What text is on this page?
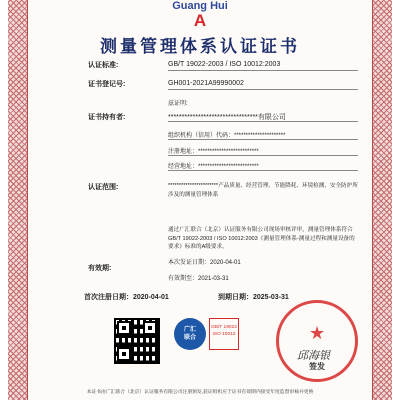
Guang Hui
A
测量管理体系认证证书
认证标准:	GB/T 19022-2003 / ISO 10012:2003
证书登记号:	GH001-2021A99990002
兹证明:
证书持有者:	*********************************有限公司
组织机构（信用）代码：**********************
注册地址：**************************
经营地址：**************************
认证范围:	***********************产品质量、经营管理、节能降耗、环境检测、安全防护所涉及的测量管理体系
通过广汇联合（北京）认证服务有限公司现场审核评审，测量管理体系符合GB/T 19022-2003 / ISO 10012:2003《测量管理体系-测量过程和测量设备的要求》标准的A级要求。
有效期:
本次发证日期：2020-04-01
有效期至：2021-03-31
首次注册日期：2020-04-01	到期日期：2025-03-31
广汇
联合
GB/T 19022
ISO 10012	★
邱海银
签发
本证书由广汇联合（北京）认证服务有限公司注册颁发,获证组织应于证书有效期内接受年度监督审核并更换
